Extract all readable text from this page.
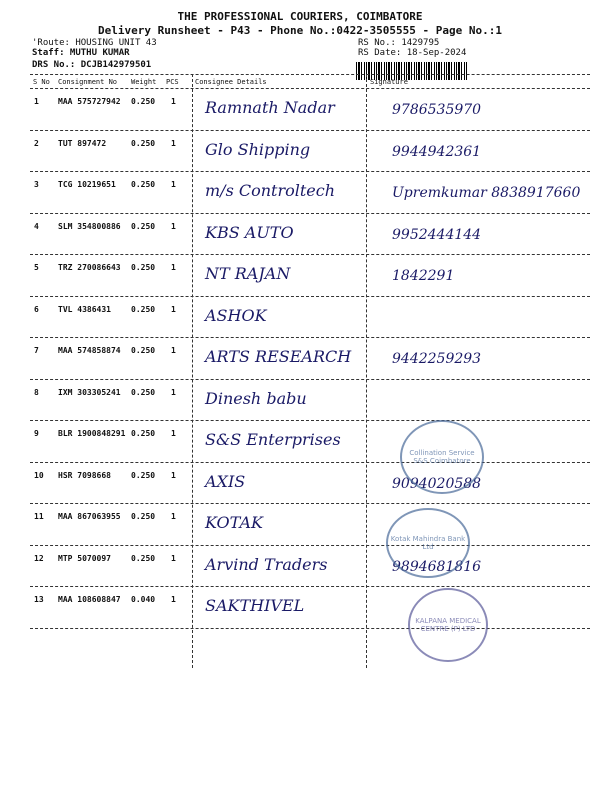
THE PROFESSIONAL COURIERS, COIMBATORE
Delivery Runsheet - P43 - Phone No.:0422-3505555 - Page No.:1
'Route: HOUSING UNIT 43
Staff: MUTHU KUMAR
DRS No.: DCJB142979501
RS No.: 1429795
RS Date: 18-Sep-2024
S No Consignment No Weight PCS Consignee Details	Signature
1 MAA 575727942 0.250 1 Ramnath Nadar	9786535970
2 TUT 897472	0.250 1 Glo Shipping	9944942361
3 TCG 10219651 0.250 1 m/s Controltech	Upremkumar 8838917660
4 SLM 354800886 0.250 1 KBS AUTO	9952444144
5 TRZ 270086643 0.250 1 NT RAJAN	1842291
6 TVL 4386431	0.250 1 ASHOK
7 MAA 574858874 0.250 1 ARTS RESEARCH	9442259293
8 IXM 303305241 0.250 1 Dinesh babu
9 BLR 1900848291 0.250 1 S&S Enterprises
10 HSR 7098668	0.250 1 AXIS	9094020588
11 MAA 867063955 0.250 1 KOTAK
12 MTP 5070097	0.250 1 Arvind Traders	9894681816
13 MAA 108608847 0.040 1 SAKTHIVEL
Collination Service S&S Coimbatore
Kotak Mahindra Bank Ltd
KALPANA MEDICAL CENTRE (P) LTD
